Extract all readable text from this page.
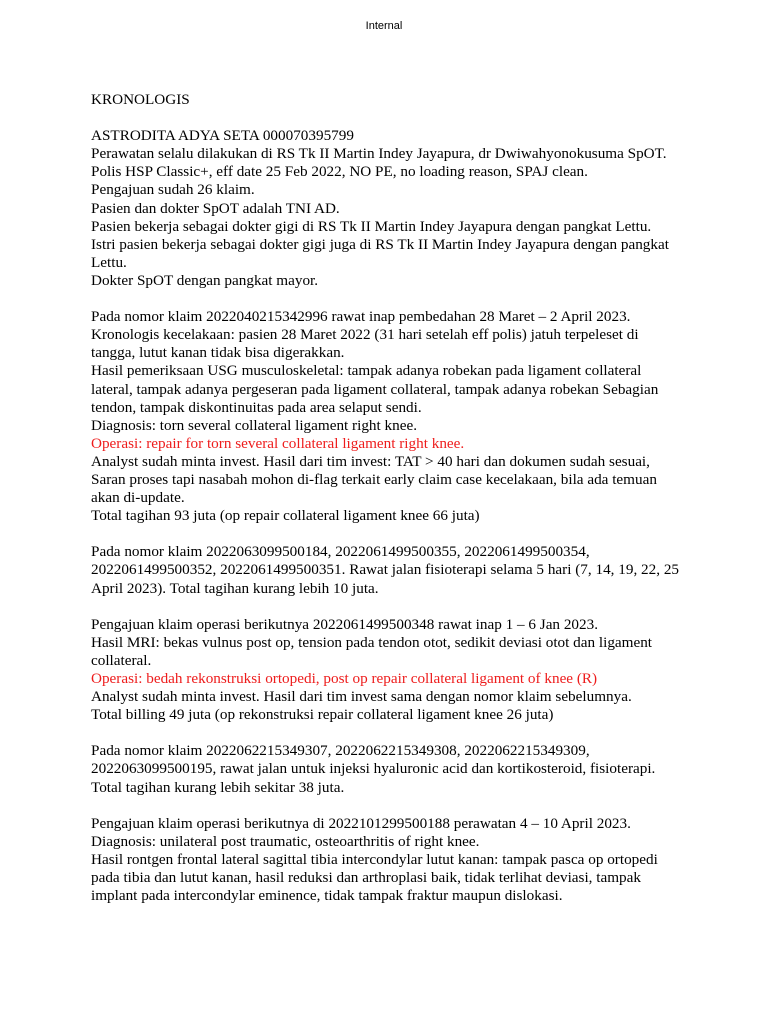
Internal

KRONOLOGIS

ASTRODITA ADYA SETA 000070395799

Perawatan selalu dilakukan di RS Tk II Martin Indey Jayapura, dr Dwiwahyonokusuma SpOT.

Polis HSP Classic+, eff date 25 Feb 2022, NO PE, no loading reason, SPAJ clean.

Pengajuan sudah 26 klaim.

Pasien dan dokter SpOT adalah TNI AD.

Pasien bekerja sebagai dokter gigi di RS Tk II Martin Indey Jayapura dengan pangkat Lettu.

Istri pasien bekerja sebagai dokter gigi juga di RS Tk II Martin Indey Jayapura dengan pangkat Lettu.

Dokter SpOT dengan pangkat mayor.

Pada nomor klaim 2022040215342996 rawat inap pembedahan 28 Maret – 2 April 2023.

Kronologis kecelakaan: pasien 28 Maret 2022 (31 hari setelah eff polis) jatuh terpeleset di tangga, lutut kanan tidak bisa digerakkan.

Hasil pemeriksaan USG musculoskeletal: tampak adanya robekan pada ligament collateral lateral, tampak adanya pergeseran pada ligament collateral, tampak adanya robekan Sebagian tendon, tampak diskontinuitas pada area selaput sendi.

Diagnosis: torn several collateral ligament right knee.

Operasi: repair for torn several collateral ligament right knee.

Analyst sudah minta invest. Hasil dari tim invest: TAT > 40 hari dan dokumen sudah sesuai, Saran proses tapi nasabah mohon di-flag terkait early claim case kecelakaan, bila ada temuan akan di-update.

Total tagihan 93 juta (op repair collateral ligament knee 66 juta)

Pada nomor klaim 2022063099500184, 2022061499500355, 2022061499500354, 2022061499500352, 2022061499500351. Rawat jalan fisioterapi selama 5 hari (7, 14, 19, 22, 25 April 2023). Total tagihan kurang lebih 10 juta.

Pengajuan klaim operasi berikutnya 2022061499500348 rawat inap 1 – 6 Jan 2023.

Hasil MRI: bekas vulnus post op, tension pada tendon otot, sedikit deviasi otot dan ligament collateral.

Operasi: bedah rekonstruksi ortopedi, post op repair collateral ligament of knee (R)

Analyst sudah minta invest. Hasil dari tim invest sama dengan nomor klaim sebelumnya.

Total billing 49 juta (op rekonstruksi repair collateral ligament knee 26 juta)

Pada nomor klaim 2022062215349307, 2022062215349308, 2022062215349309, 2022063099500195, rawat jalan untuk injeksi hyaluronic acid dan kortikosteroid, fisioterapi. Total tagihan kurang lebih sekitar 38 juta.

Pengajuan klaim operasi berikutnya di 2022101299500188 perawatan 4 – 10 April 2023.

Diagnosis: unilateral post traumatic, osteoarthritis of right knee.

Hasil rontgen frontal lateral sagittal tibia intercondylar lutut kanan: tampak pasca op ortopedi pada tibia dan lutut kanan, hasil reduksi dan arthroplasi baik, tidak terlihat deviasi, tampak implant pada intercondylar eminence, tidak tampak fraktur maupun dislokasi.
